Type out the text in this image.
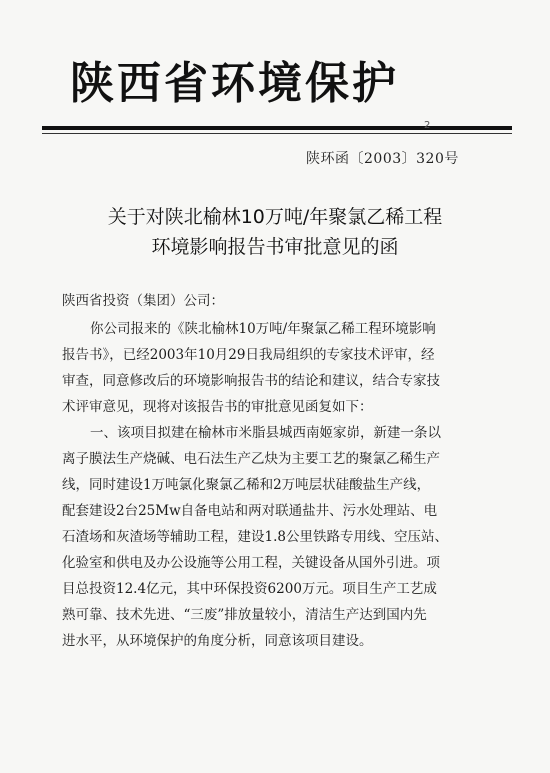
陕西省环境保护
2
陕环函〔2003〕320号
关于对陕北榆林10万吨/年聚氯乙稀工程
环境影响报告书审批意见的函
陕西省投资（集团）公司：
你公司报来的《陕北榆林10万吨/年聚氯乙稀工程环境影响
报告书》，已经2003年10月29日我局组织的专家技术评审，经
审查，同意修改后的环境影响报告书的结论和建议，结合专家技
术评审意见，现将对该报告书的审批意见函复如下：
一、该项目拟建在榆林市米脂县城西南姬家峁，新建一条以
离子膜法生产烧碱、电石法生产乙炔为主要工艺的聚氯乙稀生产
线，同时建设1万吨氯化聚氯乙稀和2万吨层状硅酸盐生产线，
配套建设2台25Mw自备电站和两对联通盐井、污水处理站、电
石渣场和灰渣场等辅助工程，建设1.8公里铁路专用线、空压站、
化验室和供电及办公设施等公用工程，关键设备从国外引进。项
目总投资12.4亿元，其中环保投资6200万元。项目生产工艺成
熟可靠、技术先进、“三废”排放量较小，清洁生产达到国内先
进水平，从环境保护的角度分析，同意该项目建设。
